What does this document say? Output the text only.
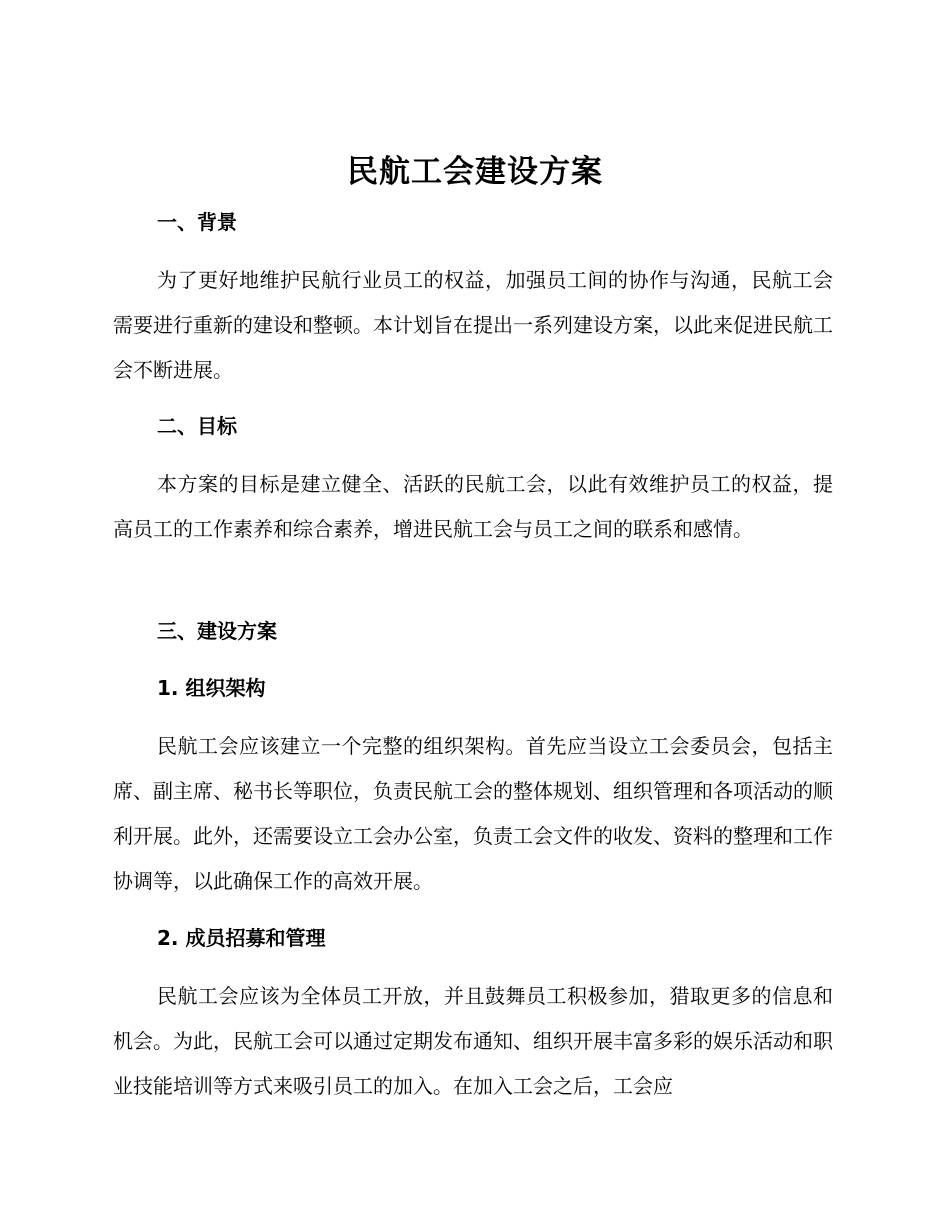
民航工会建设方案
一、背景

为了更好地维护民航行业员工的权益，加强员工间的协作与沟通，民航工会需要进行重新的建设和整顿。本计划旨在提出一系列建设方案，以此来促进民航工会不断进展。

二、目标

本方案的目标是建立健全、活跃的民航工会，以此有效维护员工的权益，提高员工的工作素养和综合素养，增进民航工会与员工之间的联系和感情。

三、建设方案
1. 组织架构

民航工会应该建立一个完整的组织架构。首先应当设立工会委员会，包括主席、副主席、秘书长等职位，负责民航工会的整体规划、组织管理和各项活动的顺利开展。此外，还需要设立工会办公室，负责工会文件的收发、资料的整理和工作协调等，以此确保工作的高效开展。

2. 成员招募和管理

民航工会应该为全体员工开放，并且鼓舞员工积极参加，猎取更多的信息和机会。为此，民航工会可以通过定期发布通知、组织开展丰富多彩的娱乐活动和职业技能培训等方式来吸引员工的加入。在加入工会之后，工会应
